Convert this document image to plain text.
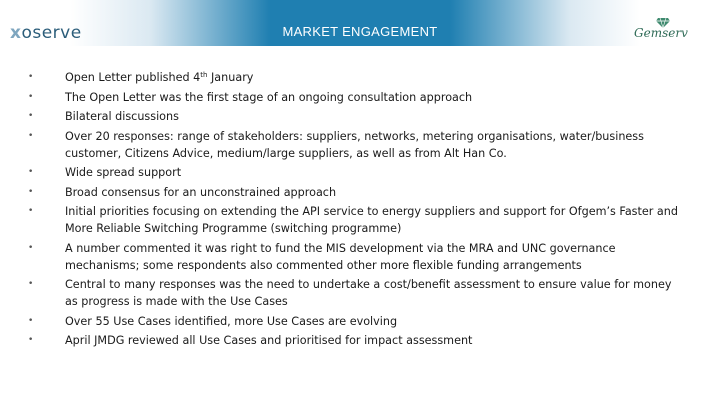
xoserve	MARKET ENGAGEMENT	Gemserv
•	Open Letter published 4th January
•	The Open Letter was the first stage of an ongoing consultation approach
•	Bilateral discussions
•	Over 20 responses: range of stakeholders: suppliers, networks, metering organisations, water/business customer, Citizens Advice, medium/large suppliers, as well as from Alt Han Co.
•	Wide spread support
•	Broad consensus for an unconstrained approach
•	Initial priorities focusing on extending the API service to energy suppliers and support for Ofgem’s Faster and More Reliable Switching Programme (switching programme)
•	A number commented it was right to fund the MIS development via the MRA and UNC governance mechanisms; some respondents also commented other more flexible funding arrangements
•	Central to many responses was the need to undertake a cost/benefit assessment to ensure value for money as progress is made with the Use Cases
•	Over 55 Use Cases identified, more Use Cases are evolving
•	April JMDG reviewed all Use Cases and prioritised for impact assessment
